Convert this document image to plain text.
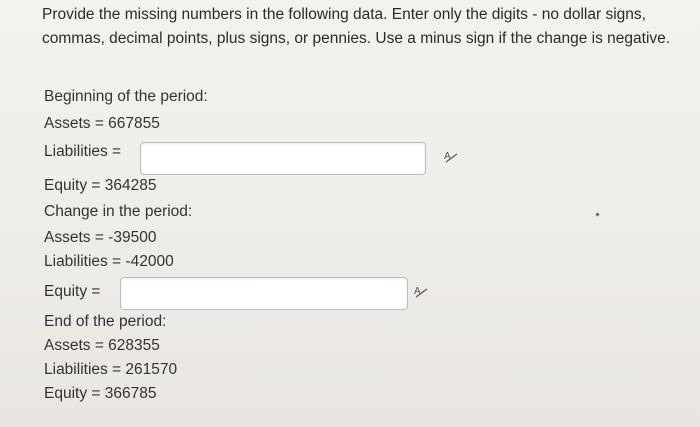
Provide the missing numbers in the following data. Enter only the digits - no dollar signs, commas, decimal points, plus signs, or pennies. Use a minus sign if the change is negative.
Beginning of the period:
Assets = 667855
Liabilities =	A
Equity = 364285
Change in the period:
Assets = -39500
Liabilities = -42000
Equity =	A
End of the period:
Assets = 628355
Liabilities = 261570
Equity = 366785
